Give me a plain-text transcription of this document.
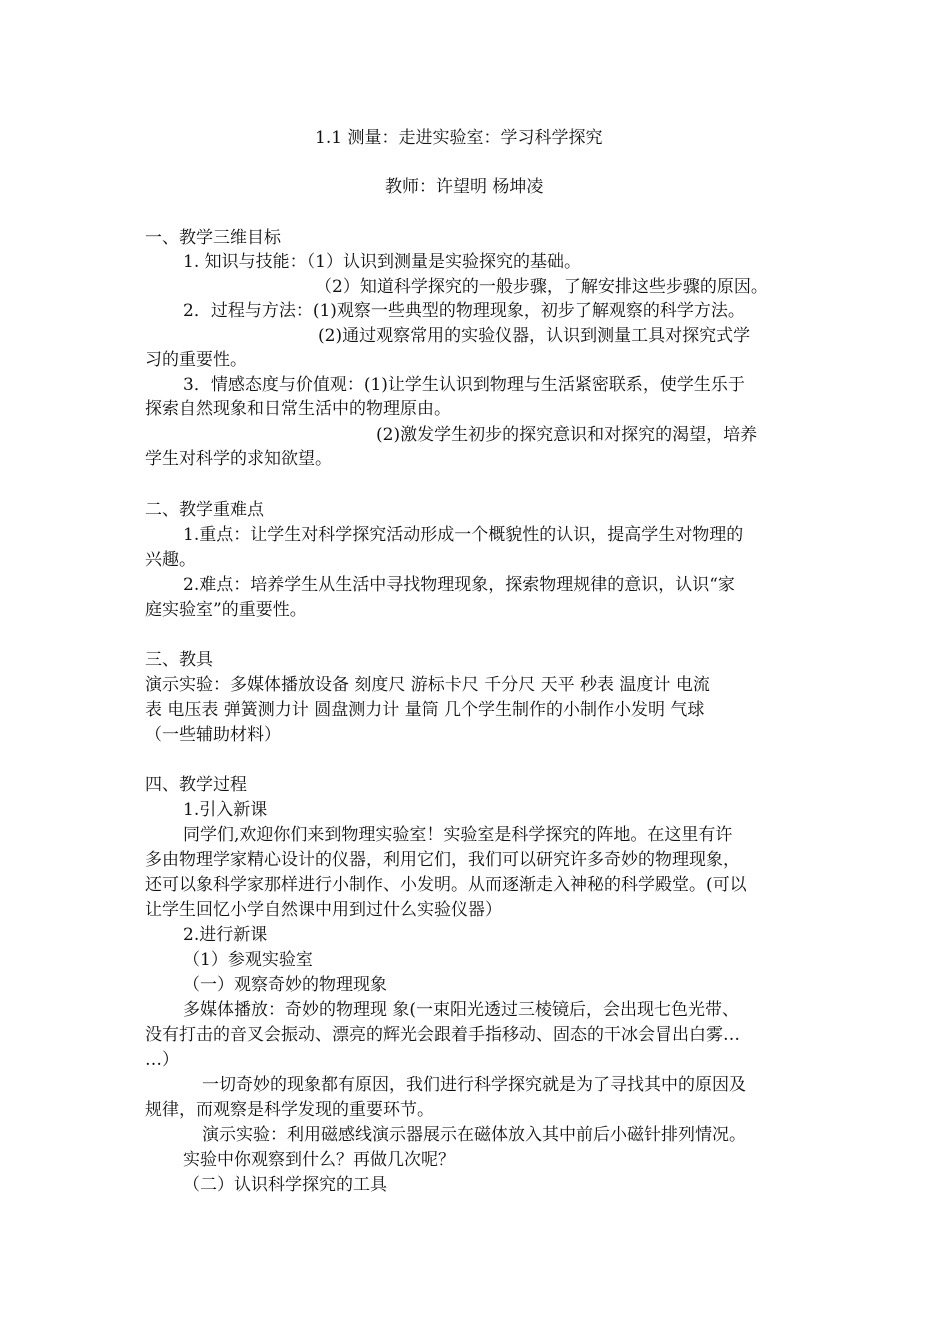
1.1 测量：走进实验室：学习科学探究
教师：许望明 杨坤凌
一、教学三维目标
1. 知识与技能：（1）认识到测量是实验探究的基础。
（2）知道科学探究的一般步骤，了解安排这些步骤的原因。
2．过程与方法：(1)观察一些典型的物理现象，初步了解观察的科学方法。
(2)通过观察常用的实验仪器，认识到测量工具对探究式学
习的重要性。
3．情感态度与价值观：(1)让学生认识到物理与生活紧密联系，使学生乐于
探索自然现象和日常生活中的物理原由。
(2)激发学生初步的探究意识和对探究的渴望，培养
学生对科学的求知欲望。
二、教学重难点
1.重点：让学生对科学探究活动形成一个概貌性的认识，提高学生对物理的
兴趣。
2.难点：培养学生从生活中寻找物理现象，探索物理规律的意识，认识“家
庭实验室”的重要性。
三、教具
演示实验：多媒体播放设备 刻度尺 游标卡尺 千分尺 天平 秒表 温度计 电流
表 电压表 弹簧测力计 圆盘测力计 量筒 几个学生制作的小制作小发明 气球
（一些辅助材料）
四、教学过程
1.引入新课
同学们,欢迎你们来到物理实验室！实验室是科学探究的阵地。在这里有许
多由物理学家精心设计的仪器，利用它们，我们可以研究许多奇妙的物理现象，
还可以象科学家那样进行小制作、小发明。从而逐渐走入神秘的科学殿堂。(可以
让学生回忆小学自然课中用到过什么实验仪器）
2.进行新课
（1）参观实验室
（一）观察奇妙的物理现象
多媒体播放：奇妙的物理现 象(一束阳光透过三棱镜后，会出现七色光带、
没有打击的音叉会振动、漂亮的辉光会跟着手指移动、固态的干冰会冒出白雾…
…）
一切奇妙的现象都有原因，我们进行科学探究就是为了寻找其中的原因及
规律，而观察是科学发现的重要环节。
演示实验：利用磁感线演示器展示在磁体放入其中前后小磁针排列情况。
实验中你观察到什么？再做几次呢？
（二）认识科学探究的工具
